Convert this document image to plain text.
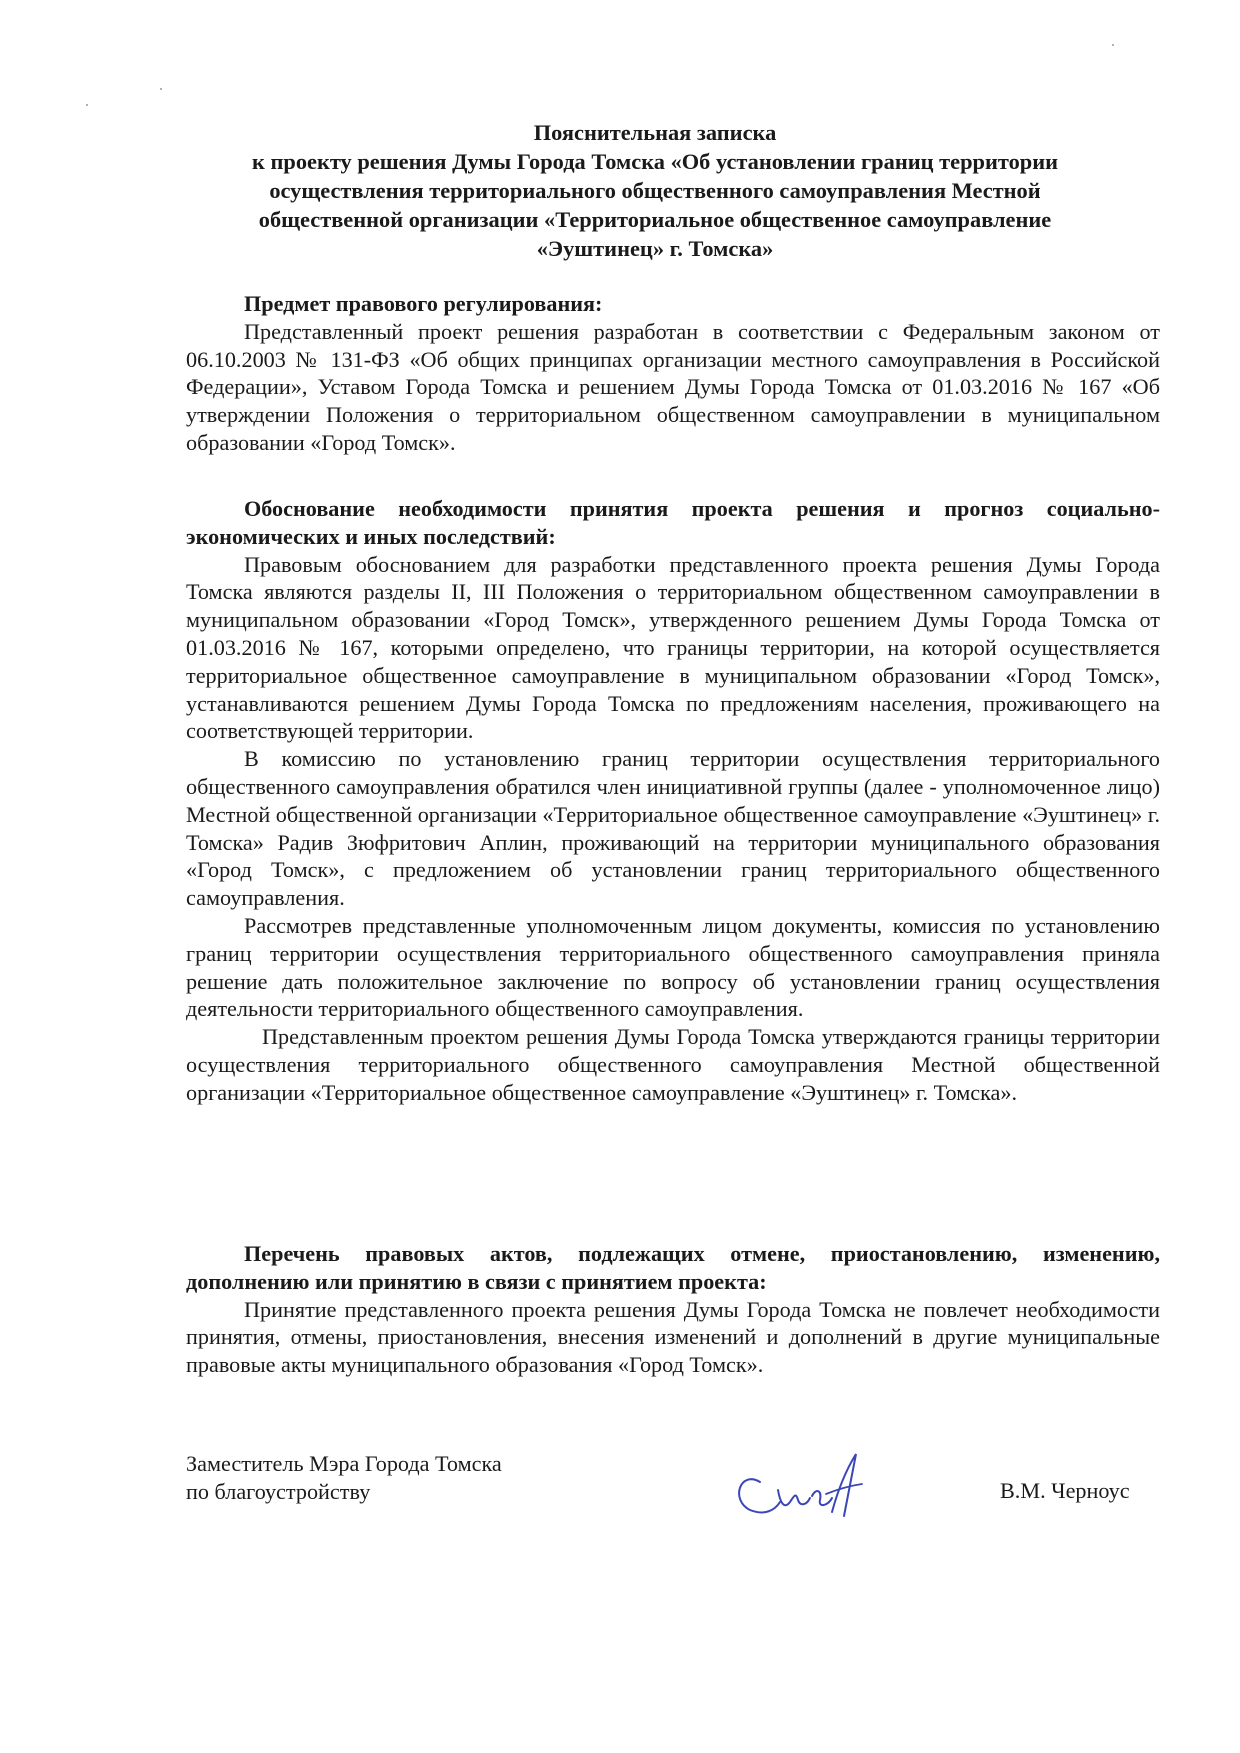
Пояснительная записка
к проекту решения Думы Города Томска «Об установлении границ территории
осуществления территориального общественного самоуправления Местной
общественной организации «Территориальное общественное самоуправление
«Эуштинец» г. Томска»
Предмет правового регулирования:
Представленный проект решения разработан в соответствии с Федеральным законом от 06.10.2003 № 131-ФЗ «Об общих принципах организации местного самоуправления в Российской Федерации», Уставом Города Томска и решением Думы Города Томска от 01.03.2016 № 167 «Об утверждении Положения о территориальном общественном самоуправлении в муниципальном образовании «Город Томск».
Обоснование необходимости принятия проекта решения и прогноз социально-экономических и иных последствий:
Правовым обоснованием для разработки представленного проекта решения Думы Города Томска являются разделы II, III Положения о территориальном общественном самоуправлении в муниципальном образовании «Город Томск», утвержденного решением Думы Города Томска от 01.03.2016 № 167, которыми определено, что границы территории, на которой осуществляется территориальное общественное самоуправление в муниципальном образовании «Город Томск», устанавливаются решением Думы Города Томска по предложениям населения, проживающего на соответствующей территории.
В комиссию по установлению границ территории осуществления территориального общественного самоуправления обратился член инициативной группы (далее - уполномоченное лицо) Местной общественной организации «Территориальное общественное самоуправление «Эуштинец» г. Томска» Радив Зюфритович Аплин, проживающий на территории муниципального образования «Город Томск», с предложением об установлении границ территориального общественного самоуправления.
Рассмотрев представленные уполномоченным лицом документы, комиссия по установлению границ территории осуществления территориального общественного самоуправления приняла решение дать положительное заключение по вопросу об установлении границ осуществления деятельности территориального общественного самоуправления.
Представленным проектом решения Думы Города Томска утверждаются границы территории осуществления территориального общественного самоуправления Местной общественной организации «Территориальное общественное самоуправление «Эуштинец» г. Томска».
Перечень правовых актов, подлежащих отмене, приостановлению, изменению, дополнению или принятию в связи с принятием проекта:
Принятие представленного проекта решения Думы Города Томска не повлечет необходимости принятия, отмены, приостановления, внесения изменений и дополнений в другие муниципальные правовые акты муниципального образования «Город Томск».
Заместитель Мэра Города Томска
по благоустройству	В.М. Черноус
